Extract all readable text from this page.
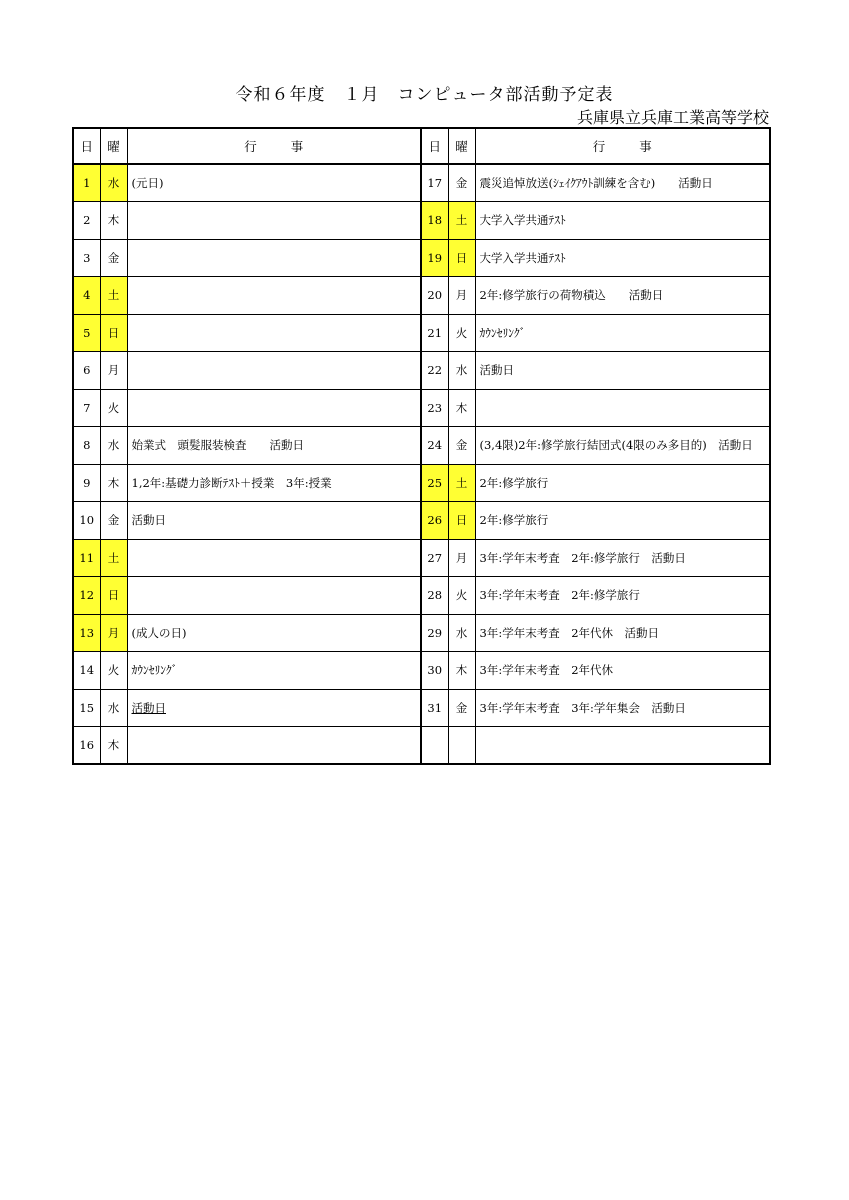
令和６年度　１月　コンピュータ部活動予定表
兵庫県立兵庫工業高等学校
日	曜	行事	日	曜	行事
1	水	(元日)	17	金	震災追悼放送(ｼｪｲｸｱｳﾄ訓練を含む)　　活動日
2	木		18	土	大学入学共通ﾃｽﾄ
3	金		19	日	大学入学共通ﾃｽﾄ
4	土		20	月	2年:修学旅行の荷物積込　　活動日
5	日		21	火	ｶｳﾝｾﾘﾝｸﾞ
6	月		22	水	活動日
7	火		23	木	
8	水	始業式　頭髪服装検査　　活動日	24	金	(3,4限)2年:修学旅行結団式(4限のみ多目的)　活動日
9	木	1,2年:基礎力診断ﾃｽﾄ＋授業　3年:授業	25	土	2年:修学旅行
10	金	活動日	26	日	2年:修学旅行
11	土		27	月	3年:学年末考査　2年:修学旅行　活動日
12	日		28	火	3年:学年末考査　2年:修学旅行
13	月	(成人の日)	29	水	3年:学年末考査　2年代休　活動日
14	火	ｶｳﾝｾﾘﾝｸﾞ	30	木	3年:学年末考査　2年代休
15	水	活動日	31	金	3年:学年末考査　3年:学年集会　活動日
16	木				
